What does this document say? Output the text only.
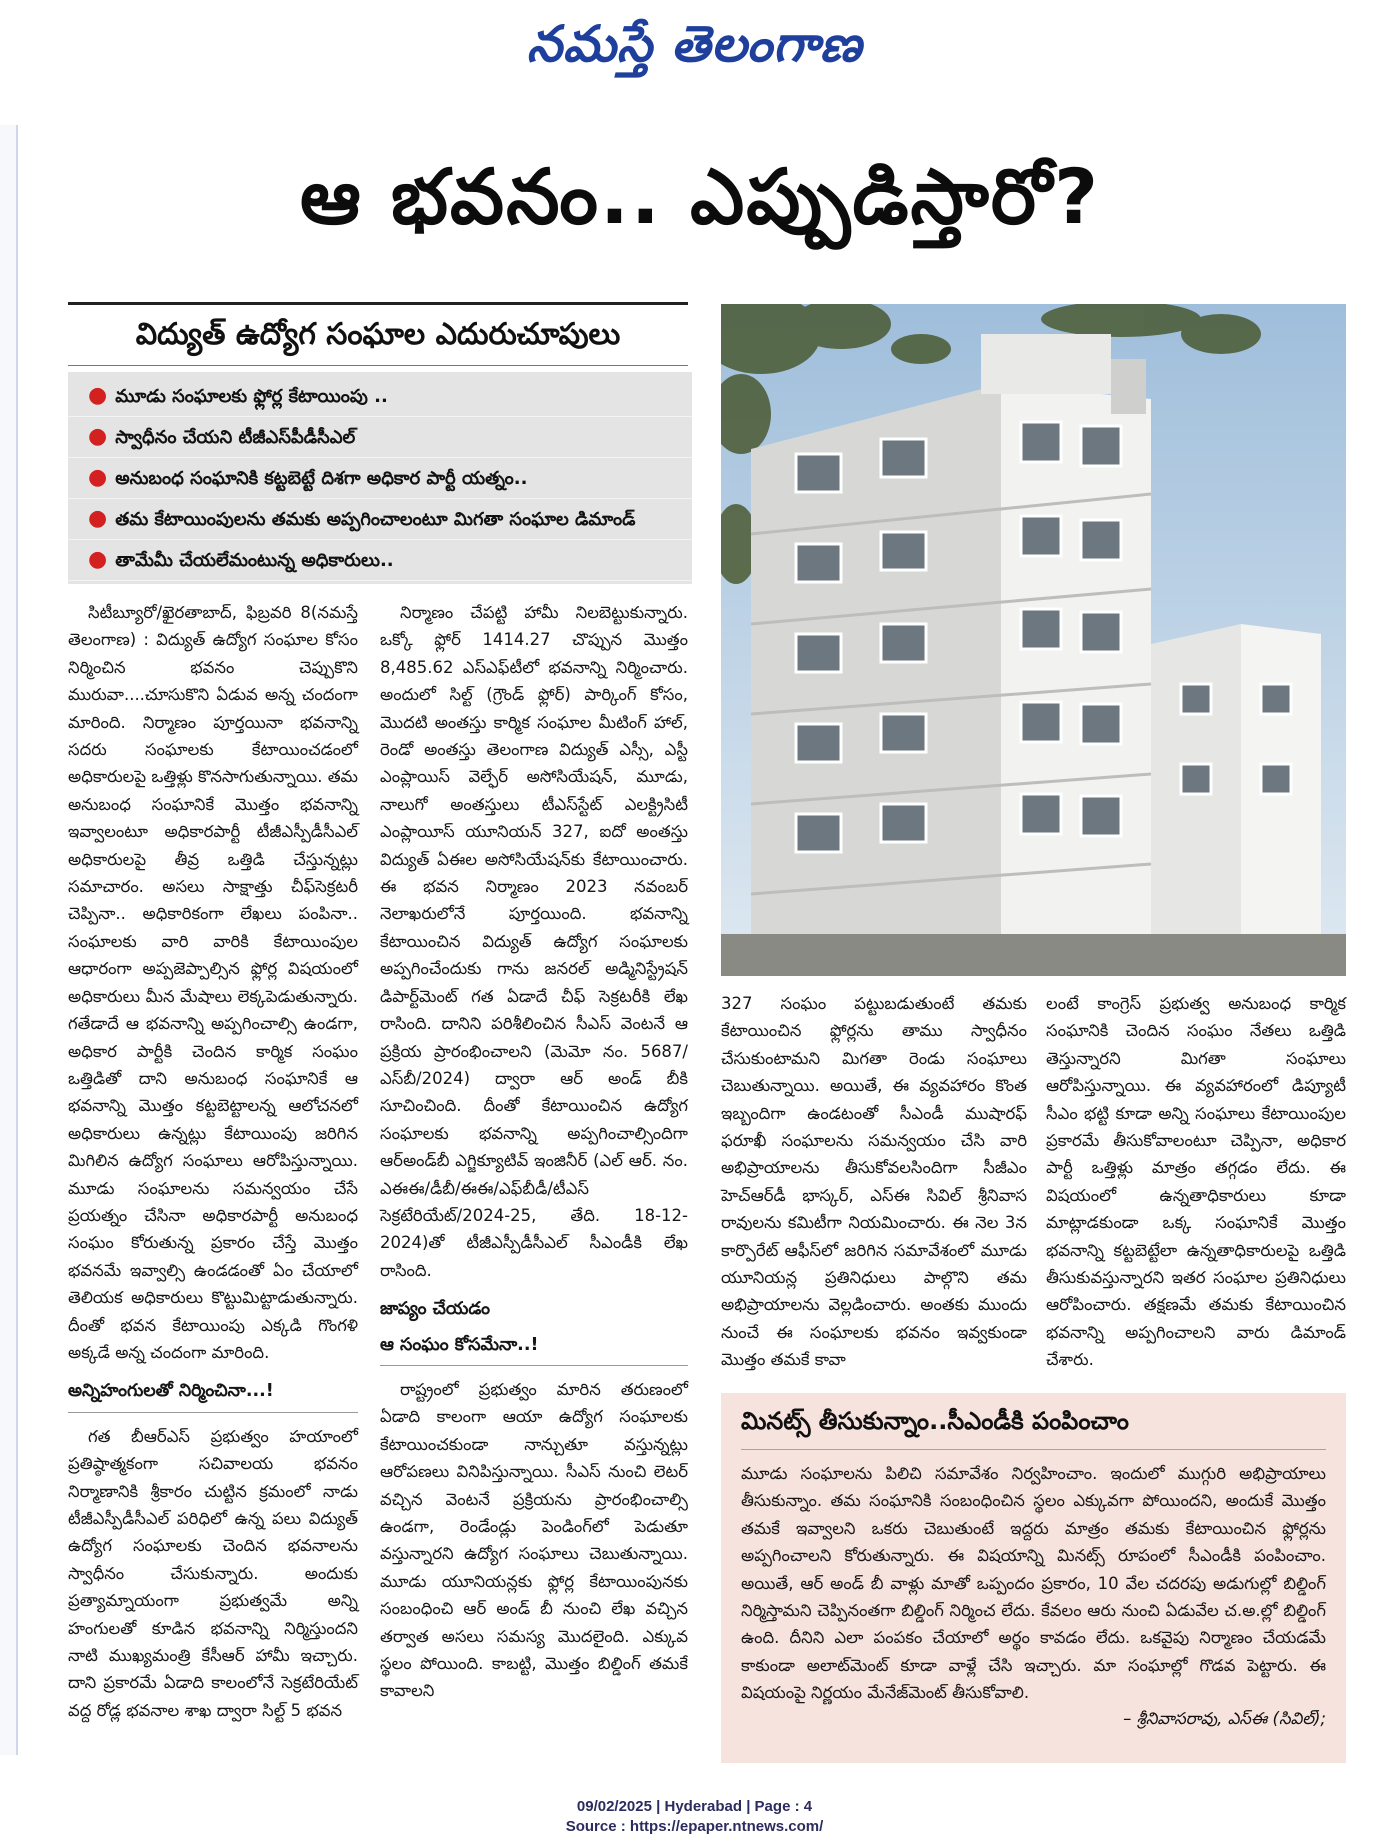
నమస్తే తెలంగాణ
ఆ భవనం.. ఎప్పుడిస్తారో?
విద్యుత్ ఉద్యోగ సంఘాల ఎదురుచూపులు
● మూడు సంఘాలకు ఫ్లోర్ల కేటాయింపు ..
● స్వాధీనం చేయని టీజీఎస్‌పీడీసీఎల్
● అనుబంధ సంఘానికి కట్టబెట్టే దిశగా అధికార పార్టీ యత్నం..
● తమ కేటాయింపులను తమకు అప్పగించాలంటూ మిగతా సంఘాల డిమాండ్
● తామేమీ చేయలేమంటున్న అధికారులు..

సిటీబ్యూరో/ఖైరతాబాద్, ఫిబ్రవరి 8(నమస్తే తెలంగాణ) : విద్యుత్ ఉద్యోగ సంఘాల కోసం నిర్మించిన భవనం చెప్పుకొని మురువా....చూసుకొని ఏడువ అన్న చందంగా మారింది. నిర్మాణం పూర్తయినా భవనాన్ని సదరు సంఘాలకు కేటాయించడంలో అధికారులపై ఒత్తిళ్లు కొనసాగుతున్నాయి. తమ అనుబంధ సంఘానికే మొత్తం భవనాన్ని ఇవ్వాలంటూ అధికారపార్టీ టీజీఎస్పీడీసీఎల్ అధికారులపై తీవ్ర ఒత్తిడి చేస్తున్నట్లు సమాచారం. అసలు సాక్షాత్తు చీఫ్‌సెక్రటరీ చెప్పినా.. అధికారికంగా లేఖలు పంపినా.. సంఘాలకు వారి వారికి కేటాయింపుల ఆధారంగా అప్పజెప్పాల్సిన ఫ్లోర్ల విషయంలో అధికారులు మీన మేషాలు లెక్కపెడుతున్నారు. గతేడాదే ఆ భవనాన్ని అప్పగించాల్సి ఉండగా, అధికార పార్టీకి చెందిన కార్మిక సంఘం ఒత్తిడితో దాని అనుబంధ సంఘానికే ఆ భవనాన్ని మొత్తం కట్టబెట్టాలన్న ఆలోచనలో అధికారులు ఉన్నట్లు కేటాయింపు జరిగిన మిగిలిన ఉద్యోగ సంఘాలు ఆరోపిస్తున్నాయి. మూడు సంఘాలను సమన్వయం చేసే ప్రయత్నం చేసినా అధికారపార్టీ అనుబంధ సంఘం కోరుతున్న ప్రకారం చేస్తే మొత్తం భవనమే ఇవ్వాల్సి ఉండడంతో ఏం చేయాలో తెలియక అధికారులు కొట్టుమిట్టాడుతున్నారు. దీంతో భవన కేటాయింపు ఎక్కడి గొంగళి అక్కడే అన్న చందంగా మారింది.

అన్నిహంగులతో నిర్మించినా...!

గత బీఆర్ఎస్ ప్రభుత్వం హయాంలో ప్రతిష్ఠాత్మకంగా సచివాలయ భవనం నిర్మాణానికి శ్రీకారం చుట్టిన క్రమంలో నాడు టీజీఎస్పీడీసీఎల్ పరిధిలో ఉన్న పలు విద్యుత్ ఉద్యోగ సంఘాలకు చెందిన భవనాలను స్వాధీనం చేసుకున్నారు. అందుకు ప్రత్యామ్నాయంగా ప్రభుత్వమే అన్ని హంగులతో కూడిన భవనాన్ని నిర్మిస్తుందని నాటి ముఖ్యమంత్రి కేసీఆర్ హామీ ఇచ్చారు. దాని ప్రకారమే ఏడాది కాలంలోనే సెక్రటేరియేట్ వద్ద రోడ్ల భవనాల శాఖ ద్వారా సిల్ట్ 5 భవన

నిర్మాణం చేపట్టి హామీ నిలబెట్టుకున్నారు. ఒక్కో ఫ్లోర్ 1414.27 చొప్పున మొత్తం 8,485.62 ఎస్ఎఫ్‌టీలో భవనాన్ని నిర్మించారు. అందులో సిల్ట్ (గ్రౌండ్ ఫ్లోర్) పార్కింగ్ కోసం, మొదటి అంతస్తు కార్మిక సంఘాల మీటింగ్ హాల్, రెండో అంతస్తు తెలంగాణ విద్యుత్ ఎస్సీ, ఎస్టీ ఎంప్లాయిస్ వెల్ఫేర్ అసోసియేషన్, మూడు, నాలుగో అంతస్తులు టీఎస్‌స్టేట్ ఎలక్ట్రిసిటీ ఎంప్లాయీస్ యూనియన్ 327, ఐదో అంతస్తు విద్యుత్ ఏఈల అసోసియేషన్‌కు కేటాయించారు. ఈ భవన నిర్మాణం 2023 నవంబర్ నెలాఖరులోనే పూర్తయింది. భవనాన్ని కేటాయించిన విద్యుత్ ఉద్యోగ సంఘాలకు అప్పగించేందుకు గాను జనరల్ అడ్మినిస్ట్రేషన్ డిపార్ట్‌మెంట్ గత ఏడాదే చీఫ్ సెక్రటరీకి లేఖ రాసింది. దానిని పరిశీలించిన సీఎస్ వెంటనే ఆ ప్రక్రియ ప్రారంభించాలని (మెమో నం. 5687/ఎస్‌బీ/2024) ద్వారా ఆర్ అండ్ బీకి సూచించింది. దీంతో కేటాయించిన ఉద్యోగ సంఘాలకు భవనాన్ని అప్పగించాల్సిందిగా ఆర్‌అండ్‌బీ ఎగ్జిక్యూటివ్ ఇంజినీర్ (ఎల్ ఆర్. నం. ఎఈఈ/డీబీ/ఈఈ/ఎఫ్‌బీడీ/టీఎస్ సెక్రటేరియేట్/2024-25, తేది. 18-12-2024)తో టీజీఎస్పీడీసీఎల్ సీఎండీకి లేఖ రాసింది.

జాప్యం చేయడం
ఆ సంఘం కోసమేనా..!

రాష్ట్రంలో ప్రభుత్వం మారిన తరుణంలో ఏడాది కాలంగా ఆయా ఉద్యోగ సంఘాలకు కేటాయించకుండా నాన్చుతూ వస్తున్నట్లు ఆరోపణలు వినిపిస్తున్నాయి. సీఎస్ నుంచి లెటర్ వచ్చిన వెంటనే ప్రక్రియను ప్రారంభించాల్సి ఉండగా, రెండేండ్లు పెండింగ్‌లో పెడుతూ వస్తున్నారని ఉద్యోగ సంఘాలు చెబుతున్నాయి. మూడు యూనియన్లకు ఫ్లోర్ల కేటాయింపునకు సంబంధించి ఆర్ అండ్ బీ నుంచి లేఖ వచ్చిన తర్వాత అసలు సమస్య మొదలైంది. ఎక్కువ స్థలం పోయింది. కాబట్టి, మొత్తం బిల్డింగ్ తమకే కావాలని

327 సంఘం పట్టుబడుతుంటే తమకు కేటాయించిన ఫ్లోర్లను తాము స్వాధీనం చేసుకుంటామని మిగతా రెండు సంఘాలు చెబుతున్నాయి. అయితే, ఈ వ్యవహారం కొంత ఇబ్బందిగా ఉండటంతో సీఎండీ ముషారఫ్ ఫరూఖీ సంఘాలను సమన్వయం చేసి వారి అభిప్రాయాలను తీసుకోవలసిందిగా సీజీఎం హెచ్‌ఆర్‌డీ భాస్కర్, ఎస్ఈ సివిల్ శ్రీనివాస రావులను కమిటీగా నియమించారు. ఈ నెల 3న కార్పొరేట్ ఆఫీస్‌లో జరిగిన సమావేశంలో మూడు యూనియన్ల ప్రతినిధులు పాల్గొని తమ అభిప్రాయాలను వెల్లడించారు. అంతకు ముందు నుంచే ఈ సంఘాలకు భవనం ఇవ్వకుండా మొత్తం తమకే కావా

లంటే కాంగ్రెస్ ప్రభుత్వ అనుబంధ కార్మిక సంఘానికి చెందిన సంఘం నేతలు ఒత్తిడి తెస్తున్నారని మిగతా సంఘాలు ఆరోపిస్తున్నాయి. ఈ వ్యవహారంలో డిప్యూటీ సీఎం భట్టి కూడా అన్ని సంఘాలు కేటాయింపుల ప్రకారమే తీసుకోవాలంటూ చెప్పినా, అధికార పార్టీ ఒత్తిళ్లు మాత్రం తగ్గడం లేదు. ఈ విషయంలో ఉన్నతాధికారులు కూడా మాట్లాడకుండా ఒక్క సంఘానికే మొత్తం భవనాన్ని కట్టబెట్టేలా ఉన్నతాధికారులపై ఒత్తిడి తీసుకువస్తున్నారని ఇతర సంఘాల ప్రతినిధులు ఆరోపించారు. తక్షణమే తమకు కేటాయించిన భవనాన్ని అప్పగించాలని వారు డిమాండ్ చేశారు.

మినట్స్ తీసుకున్నాం..సీఎండీకి పంపించాం
మూడు సంఘాలను పిలిచి సమావేశం నిర్వహించాం. ఇందులో ముగ్గురి అభిప్రాయాలు తీసుకున్నాం. తమ సంఘానికి సంబంధించిన స్థలం ఎక్కువగా పోయిందని, అందుకే మొత్తం తమకే ఇవ్వాలని ఒకరు చెబుతుంటే ఇద్దరు మాత్రం తమకు కేటాయించిన ఫ్లోర్లను అప్పగించాలని కోరుతున్నారు. ఈ విషయాన్ని మినట్స్ రూపంలో సీఎండీకి పంపించాం. అయితే, ఆర్ అండ్ బీ వాళ్లు మాతో ఒప్పందం ప్రకారం, 10 వేల చదరపు అడుగుల్లో బిల్డింగ్ నిర్మిస్తామని చెప్పినంతగా బిల్డింగ్ నిర్మించ లేదు. కేవలం ఆరు నుంచి ఏడువేల చ.అ.ల్లో బిల్డింగ్ ఉంది. దీనిని ఎలా పంపకం చేయాలో అర్థం కావడం లేదు. ఒకవైపు నిర్మాణం చేయడమే కాకుండా అలాట్‌మెంట్ కూడా వాళ్లే చేసి ఇచ్చారు. మా సంఘాల్లో గొడవ పెట్టారు. ఈ విషయంపై నిర్ణయం మేనేజ్‌మెంట్ తీసుకోవాలి.
– శ్రీనివాసరావు, ఎస్ఈ (సివిల్);
09/02/2025 | Hyderabad | Page : 4
Source : https://epaper.ntnews.com/
